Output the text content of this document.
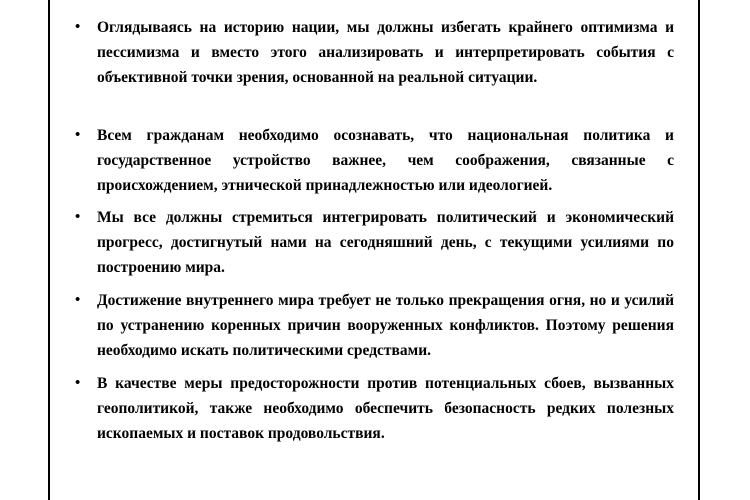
• Оглядываясь на историю нации, мы должны избегать крайнего оптимизма и пессимизма и вместо этого анализировать и интерпретировать события с объективной точки зрения, основанной на реальной ситуации.
• Всем гражданам необходимо осознавать, что национальная политика и государственное устройство важнее, чем соображения, связанные с происхождением, этнической принадлежностью или идеологией.
• Мы все должны стремиться интегрировать политический и экономический прогресс, достигнутый нами на сегодняшний день, с текущими усилиями по построению мира.
• Достижение внутреннего мира требует не только прекращения огня, но и усилий по устранению коренных причин вооруженных конфликтов. Поэтому решения необходимо искать политическими средствами.
• В качестве меры предосторожности против потенциальных сбоев, вызванных геополитикой, также необходимо обеспечить безопасность редких полезных ископаемых и поставок продовольствия.
